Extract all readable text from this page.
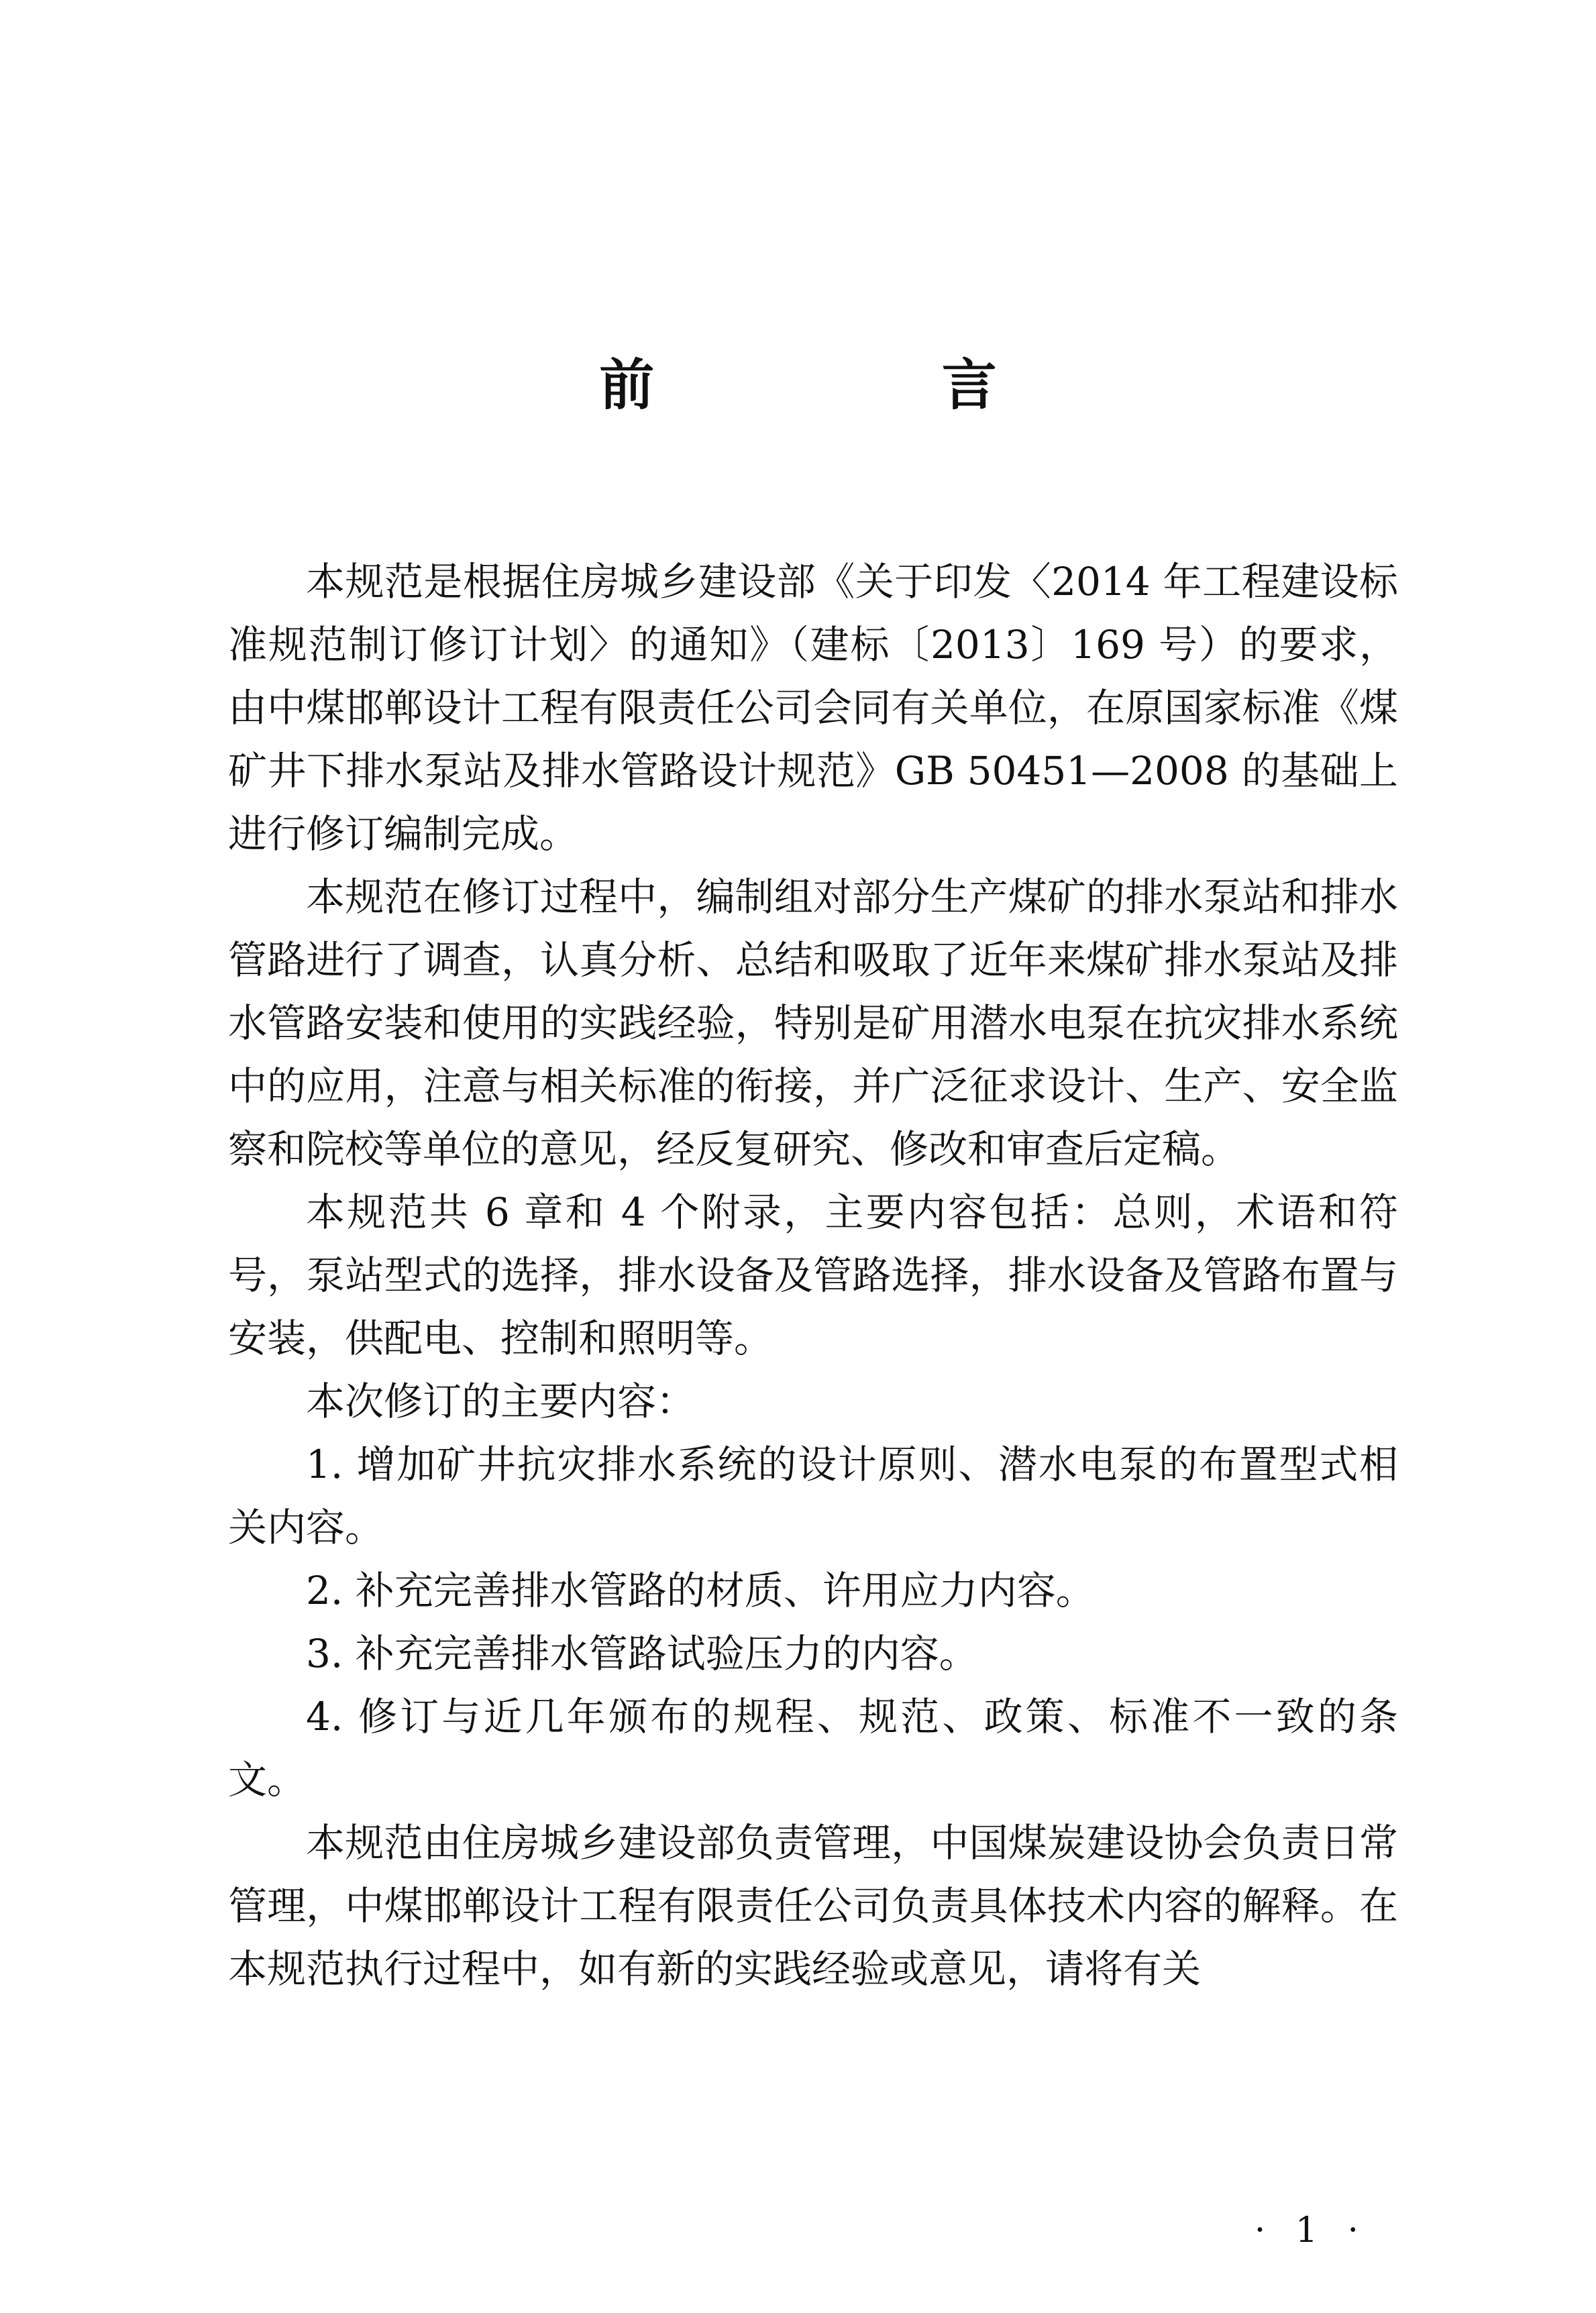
前 言

本规范是根据住房城乡建设部《关于印发〈2014 年工程建设标准规范制订修订计划〉的通知》（建标〔2013〕169 号）的要求，由中煤邯郸设计工程有限责任公司会同有关单位，在原国家标准《煤矿井下排水泵站及排水管路设计规范》GB 50451—2008 的基础上进行修订编制完成。

本规范在修订过程中，编制组对部分生产煤矿的排水泵站和排水管路进行了调查，认真分析、总结和吸取了近年来煤矿排水泵站及排水管路安装和使用的实践经验，特别是矿用潜水电泵在抗灾排水系统中的应用，注意与相关标准的衔接，并广泛征求设计、生产、安全监察和院校等单位的意见，经反复研究、修改和审查后定稿。

本规范共 6 章和 4 个附录，主要内容包括：总则，术语和符号，泵站型式的选择，排水设备及管路选择，排水设备及管路布置与安装，供配电、控制和照明等。

本次修订的主要内容：

1. 增加矿井抗灾排水系统的设计原则、潜水电泵的布置型式相关内容。

2. 补充完善排水管路的材质、许用应力内容。

3. 补充完善排水管路试验压力的内容。

4. 修订与近几年颁布的规程、规范、政策、标准不一致的条文。

本规范由住房城乡建设部负责管理，中国煤炭建设协会负责日常管理，中煤邯郸设计工程有限责任公司负责具体技术内容的解释。在本规范执行过程中，如有新的实践经验或意见，请将有关

· 1 ·
